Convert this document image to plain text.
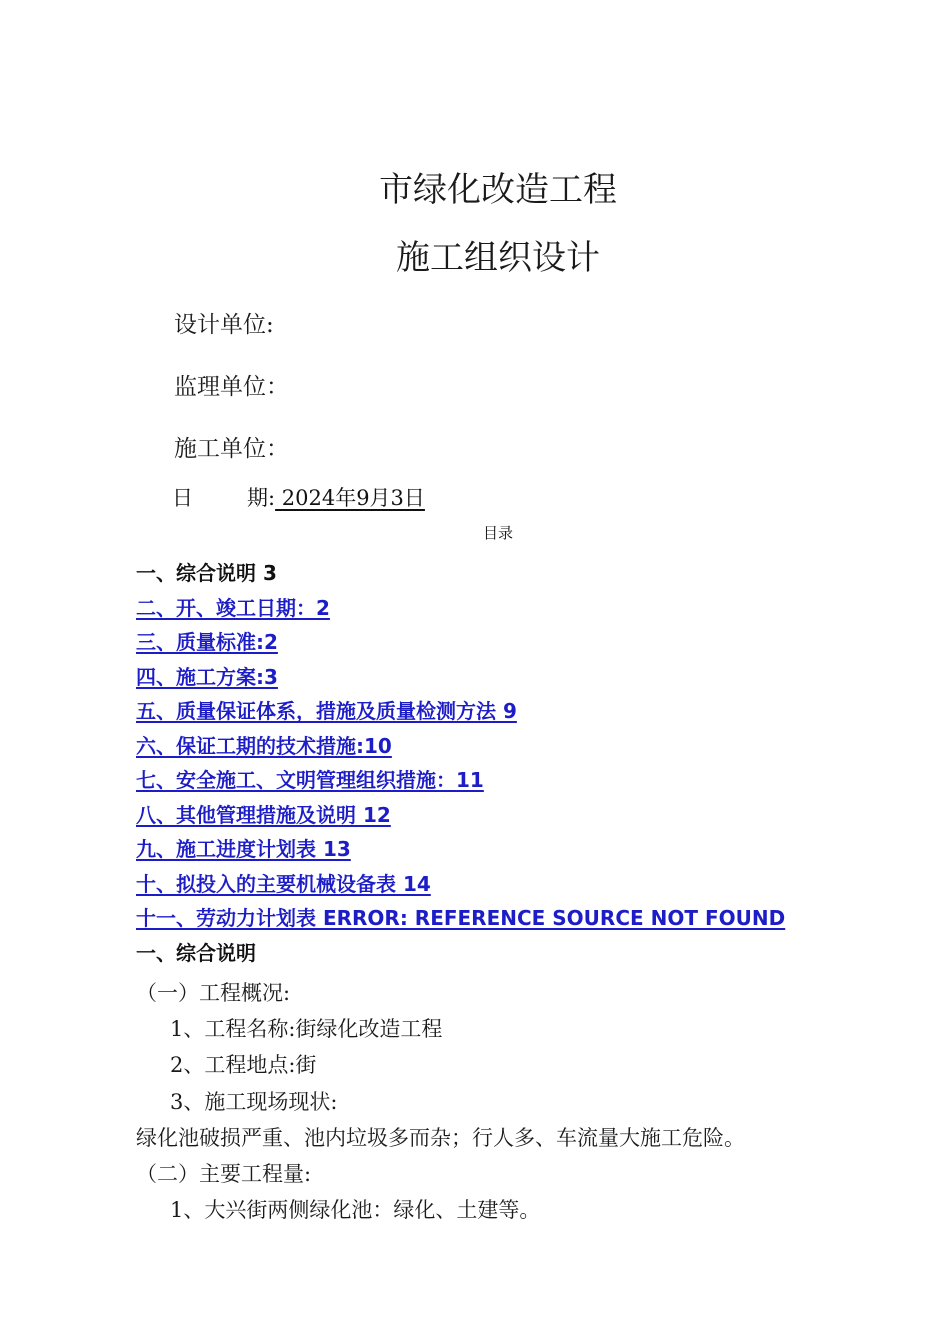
市绿化改造工程
施工组织设计
设计单位:
监理单位：
施工单位：
日	期: 2024年9月3日
目录
一、综合说明 3
二、开、竣工日期：2
三、质量标准:2
四、施工方案:3
五、质量保证体系，措施及质量检测方法 9
六、保证工期的技术措施:10
七、安全施工、文明管理组织措施：11
八、其他管理措施及说明 12
九、施工进度计划表 13
十、拟投入的主要机械设备表 14
十一、劳动力计划表 ERROR: REFERENCE SOURCE NOT FOUND
一、综合说明
（一）工程概况:
1、工程名称:街绿化改造工程
2、工程地点:街
3、施工现场现状:
绿化池破损严重、池内垃圾多而杂；行人多、车流量大施工危险。
（二）主要工程量:
1、大兴街两侧绿化池：绿化、土建等。
